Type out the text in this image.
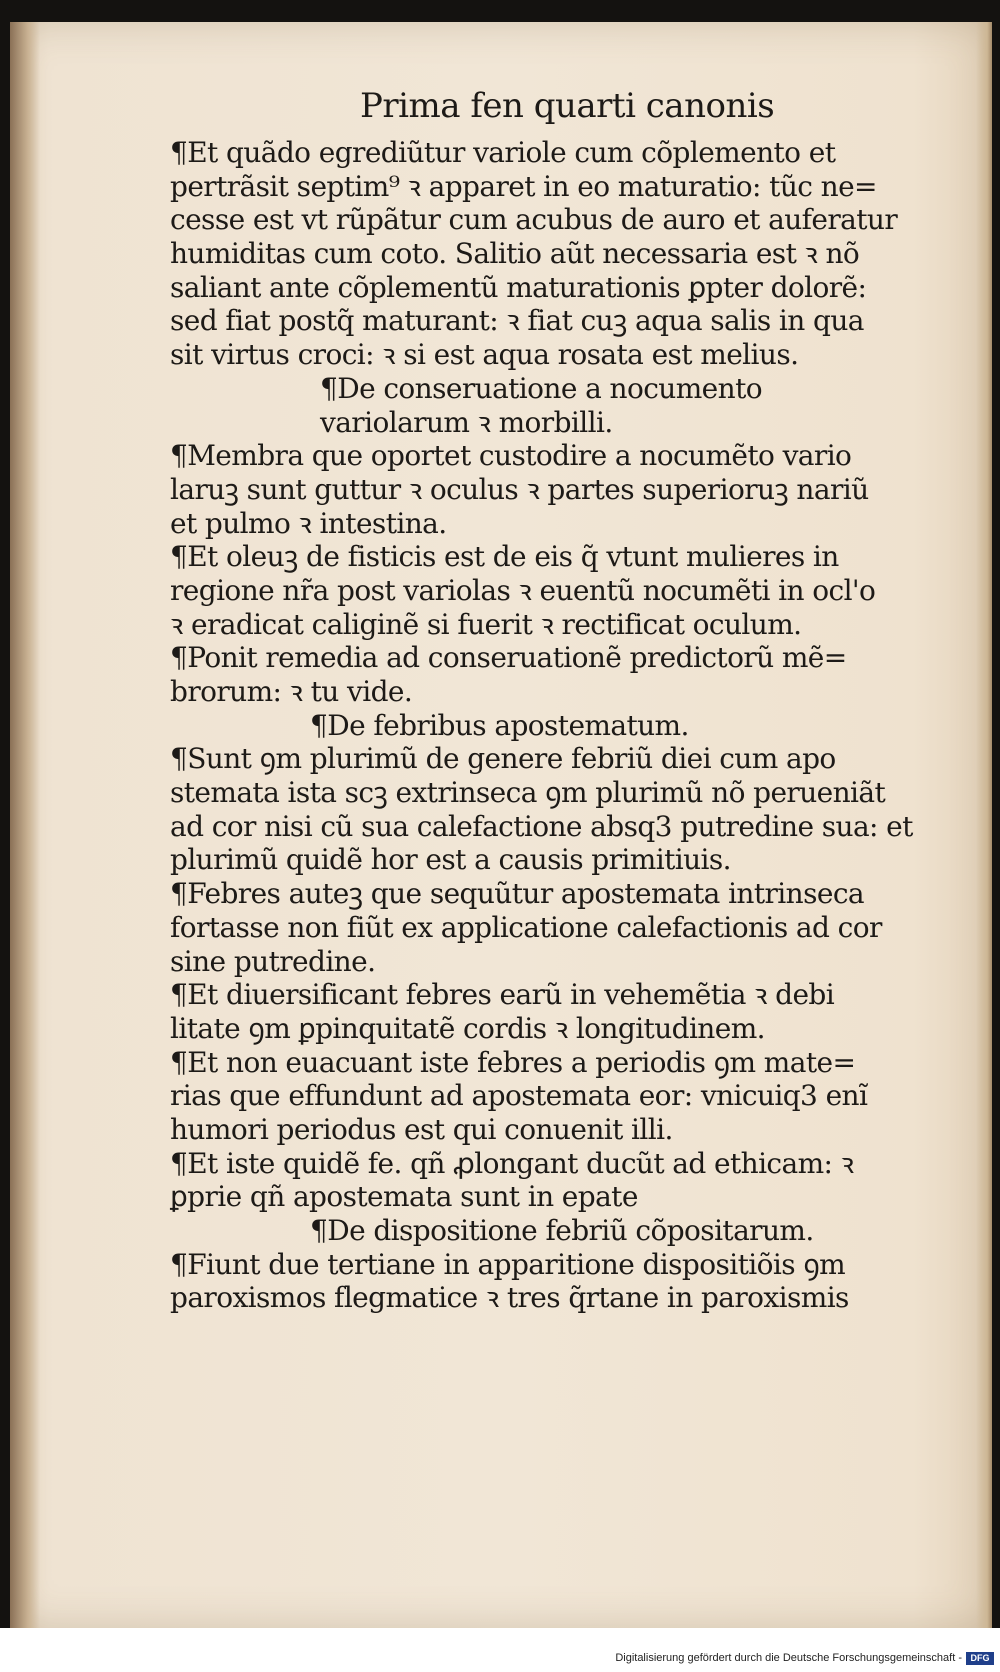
Prima fen quarti canonis
¶Et quãdo egrediũtur variole cum cõplemento et
pertrãsit septim⁹ ꝛ apparet in eo maturatio: tũc ne=
cesse est vt rũpãtur cum acubus de auro et auferatur
humiditas cum coto. Salitio aũt necessaria est ꝛ nõ
saliant ante cõplementũ maturationis ꝑpter dolorẽ:
sed fiat postq̃ maturant: ꝛ fiat cuꝫ aqua salis in qua
sit virtus croci: ꝛ si est aqua rosata est melius.
¶De conseruatione a nocumento
variolarum ꝛ morbilli.
¶Membra que oportet custodire a nocumẽto vario
laruꝫ sunt guttur ꝛ oculus ꝛ partes superioruꝫ nariũ
et pulmo ꝛ intestina.
¶Et oleuꝫ de fisticis est de eis q̃ vtunt mulieres in
regione nr̃a post variolas ꝛ euentũ nocumẽti in ocl'o
ꝛ eradicat caliginẽ si fuerit ꝛ rectificat oculum.
¶Ponit remedia ad conseruationẽ predictorũ mẽ=
brorum: ꝛ tu vide.
¶De febribus apostematum.
¶Sunt ꝯm plurimũ de genere febriũ diei cum apo
stemata ista scꝫ extrinseca ꝯm plurimũ nõ perueniãt
ad cor nisi cũ sua calefactione absq3 putredine sua: et
plurimũ quidẽ hor est a causis primitiuis.
¶Febres auteꝫ que sequũtur apostemata intrinseca
fortasse non fiũt ex applicatione calefactionis ad cor
sine putredine.
¶Et diuersificant febres earũ in vehemẽtia ꝛ debi
litate ꝯm ꝑpinquitatẽ cordis ꝛ longitudinem.
¶Et non euacuant iste febres a periodis ꝯm mate=
rias que effundunt ad apostemata eor: vnicuiq3 enĩ
humori periodus est qui conuenit illi.
¶Et iste quidẽ fe. qñ ꝓlongant ducũt ad ethicam: ꝛ
ꝑprie qñ apostemata sunt in epate
¶De dispositione febriũ cõpositarum.
¶Fiunt due tertiane in apparitione dispositiõis ꝯm
paroxismos flegmatice ꝛ tres q̃rtane in paroxismis
Digitalisierung gefördert durch die Deutsche Forschungsgemeinschaft - DFG
